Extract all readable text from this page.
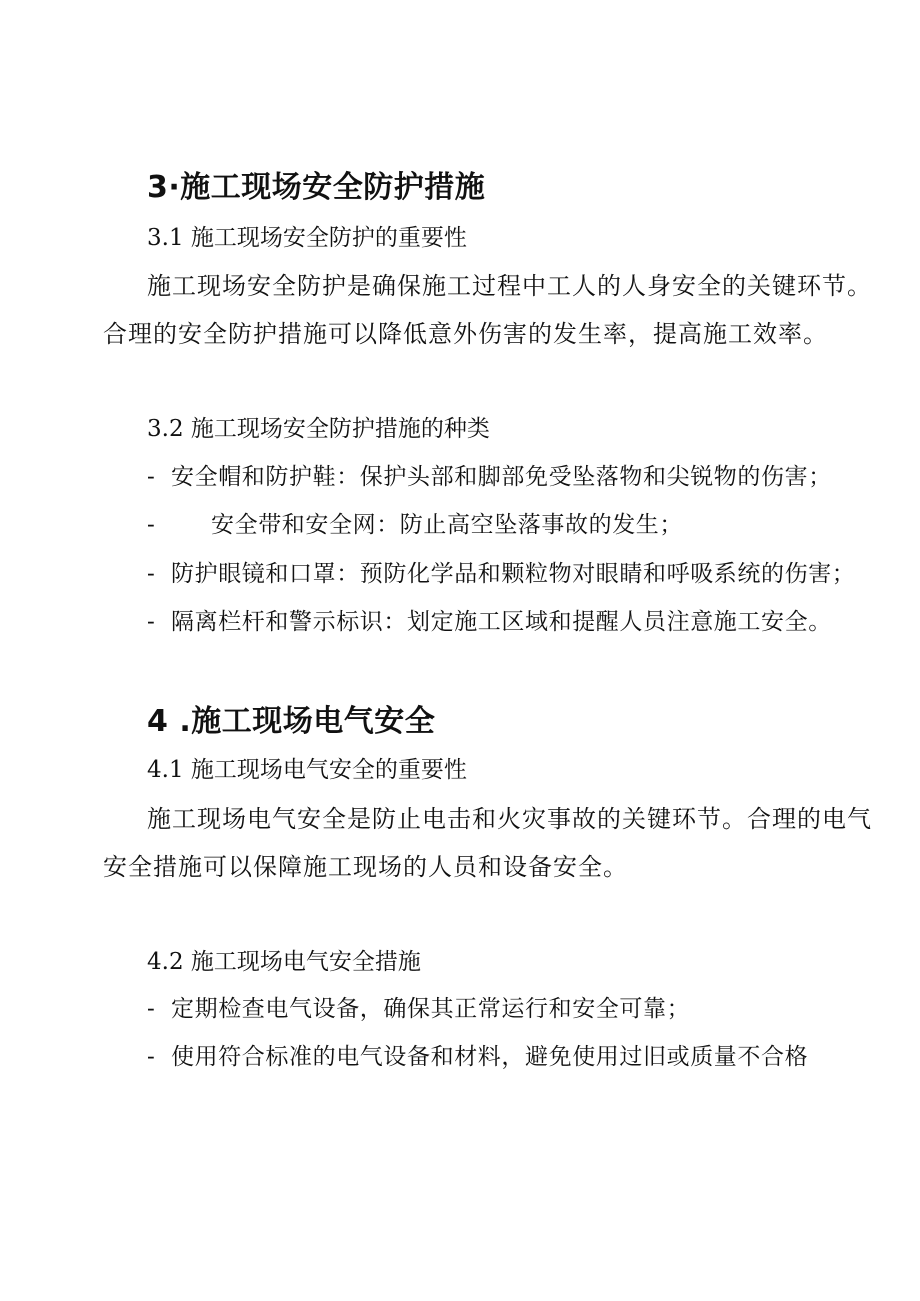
3·施工现场安全防护措施
3.1 施工现场安全防护的重要性
施工现场安全防护是确保施工过程中工人的人身安全的关键环节。
合理的安全防护措施可以降低意外伤害的发生率，提高施工效率。
3.2 施工现场安全防护措施的种类
- 安全帽和防护鞋：保护头部和脚部免受坠落物和尖锐物的伤害；
- 安全带和安全网：防止高空坠落事故的发生；
- 防护眼镜和口罩：预防化学品和颗粒物对眼睛和呼吸系统的伤害；
- 隔离栏杆和警示标识：划定施工区域和提醒人员注意施工安全。
4 .施工现场电气安全
4.1 施工现场电气安全的重要性
施工现场电气安全是防止电击和火灾事故的关键环节。合理的电气
安全措施可以保障施工现场的人员和设备安全。
4.2 施工现场电气安全措施
- 定期检查电气设备，确保其正常运行和安全可靠；
- 使用符合标准的电气设备和材料，避免使用过旧或质量不合格
